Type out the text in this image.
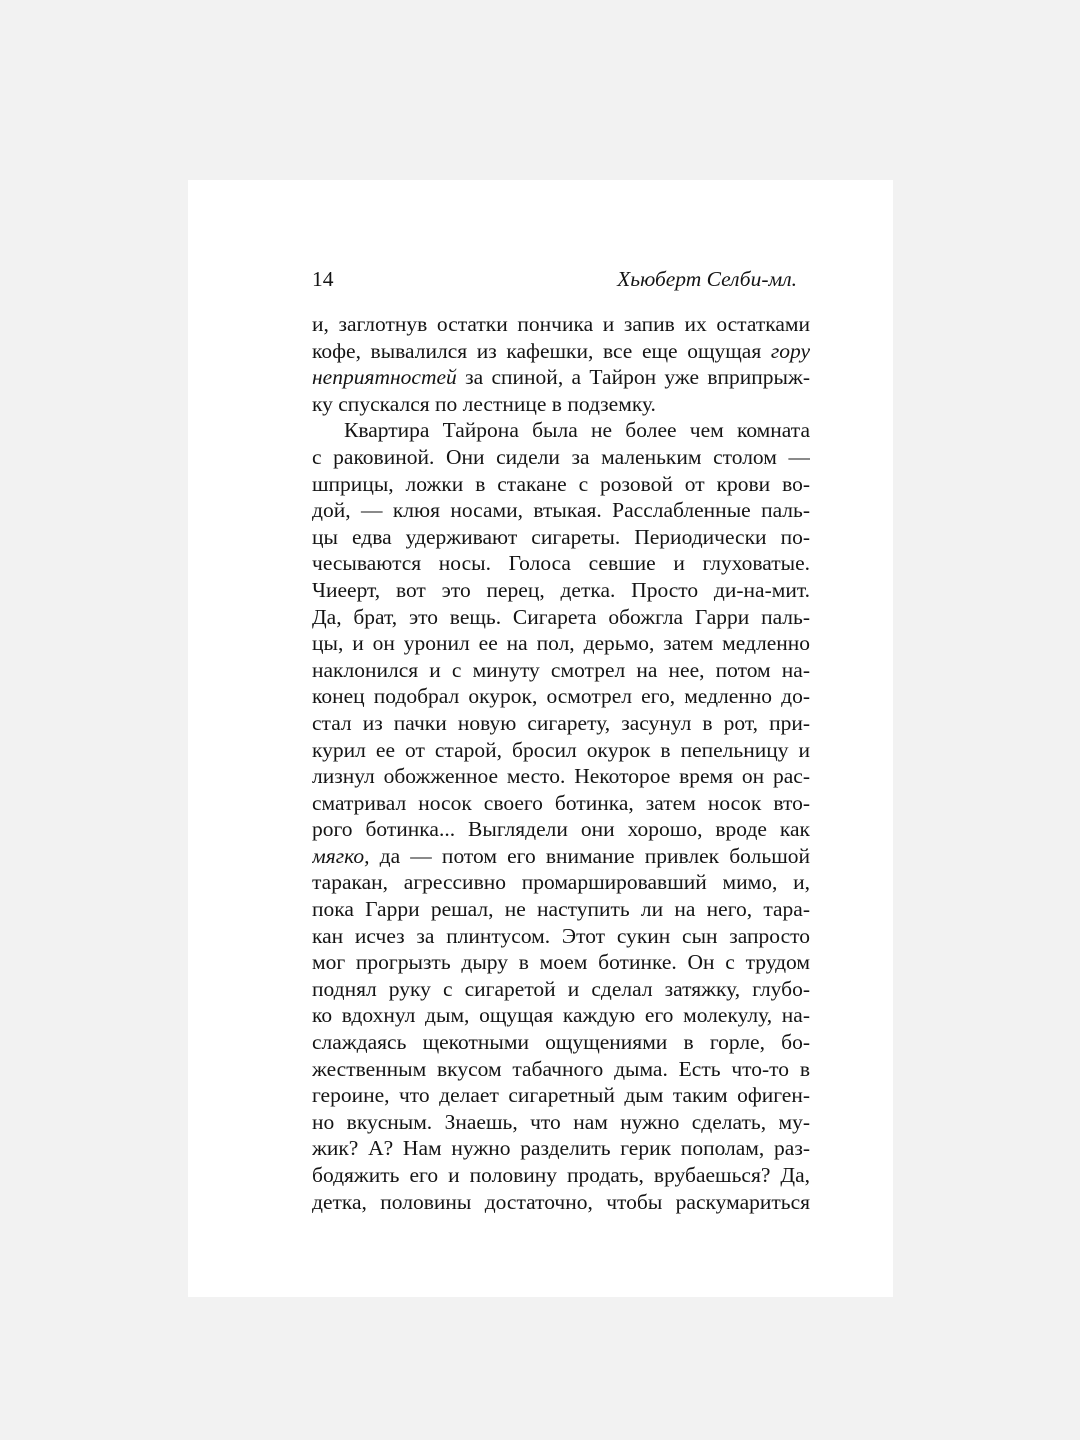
14	Хьюберт Селби-мл.
и, заглотнув остатки пончика и запив их остатками
кофе, вывалился из кафешки, все еще ощущая гору
неприятностей за спиной, а Тайрон уже вприпрыж-
ку спускался по лестнице в подземку.
Квартира Тайрона была не более чем комната
с раковиной. Они сидели за маленьким столом —
шприцы, ложки в стакане с розовой от крови во-
дой, — клюя носами, втыкая. Расслабленные паль-
цы едва удерживают сигареты. Периодически по-
чесываются носы. Голоса севшие и глуховатые.
Чиеерт, вот это перец, детка. Просто ди-на-мит.
Да, брат, это вещь. Сигарета обожгла Гарри паль-
цы, и он уронил ее на пол, дерьмо, затем медленно
наклонился и с минуту смотрел на нее, потом на-
конец подобрал окурок, осмотрел его, медленно до-
стал из пачки новую сигарету, засунул в рот, при-
курил ее от старой, бросил окурок в пепельницу и
лизнул обожженное место. Некоторое время он рас-
сматривал носок своего ботинка, затем носок вто-
рого ботинка... Выглядели они хорошо, вроде как
мягко, да — потом его внимание привлек большой
таракан, агрессивно промаршировавший мимо, и,
пока Гарри решал, не наступить ли на него, тара-
кан исчез за плинтусом. Этот сукин сын запросто
мог прогрызть дыру в моем ботинке. Он с трудом
поднял руку с сигаретой и сделал затяжку, глубо-
ко вдохнул дым, ощущая каждую его молекулу, на-
слаждаясь щекотными ощущениями в горле, бо-
жественным вкусом табачного дыма. Есть что-то в
героине, что делает сигаретный дым таким офиген-
но вкусным. Знаешь, что нам нужно сделать, му-
жик? А? Нам нужно разделить герик пополам, раз-
бодяжить его и половину продать, врубаешься? Да,
детка, половины достаточно, чтобы раскумариться
